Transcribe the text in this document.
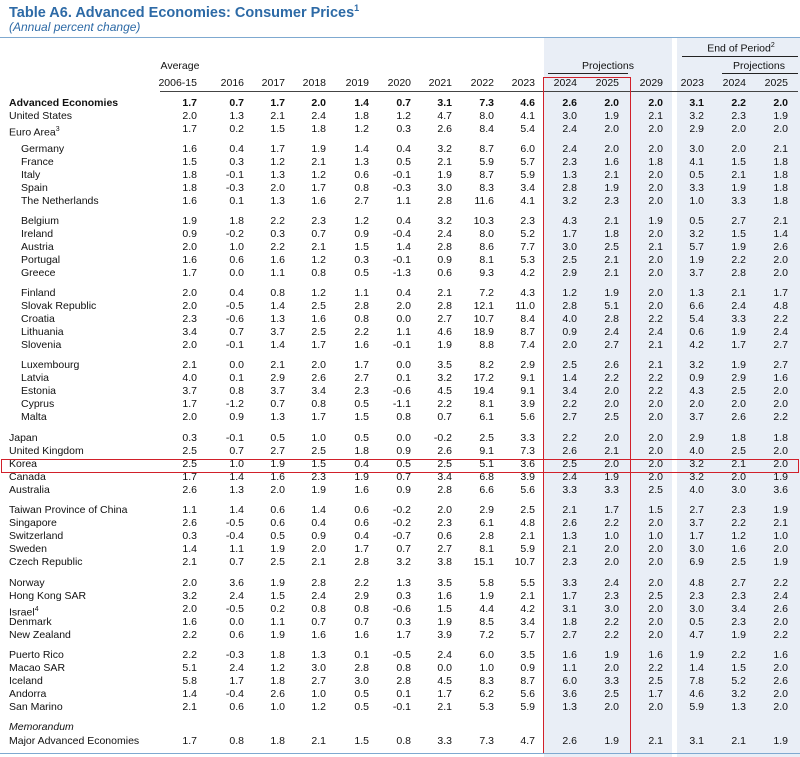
Table A6. Advanced Economies: Consumer Prices$^1$
(Annual percent change)
End of Period$^2$
Average	Projections	Projections
2006-15	2016	2017	2018	2019	2020	2021	2022	2023	2024	2025	2029	2023	2024	2025
Advanced Economies	1.7	0.7	1.7	2.0	1.4	0.7	3.1	7.3	4.6	2.6	2.0	2.0	3.1	2.2	2.0
United States	2.0	1.3	2.1	2.4	1.8	1.2	4.7	8.0	4.1	3.0	1.9	2.1	3.2	2.3	1.9
Euro Area$^3$	1.7	0.2	1.5	1.8	1.2	0.3	2.6	8.4	5.4	2.4	2.0	2.0	2.9	2.0	2.0
Germany	1.6	0.4	1.7	1.9	1.4	0.4	3.2	8.7	6.0	2.4	2.0	2.0	3.0	2.0	2.1
France	1.5	0.3	1.2	2.1	1.3	0.5	2.1	5.9	5.7	2.3	1.6	1.8	4.1	1.5	1.8
Italy	1.8	-0.1	1.3	1.2	0.6	-0.1	1.9	8.7	5.9	1.3	2.1	2.0	0.5	2.1	1.8
Spain	1.8	-0.3	2.0	1.7	0.8	-0.3	3.0	8.3	3.4	2.8	1.9	2.0	3.3	1.9	1.8
The Netherlands	1.6	0.1	1.3	1.6	2.7	1.1	2.8	11.6	4.1	3.2	2.3	2.0	1.0	3.3	1.8
Belgium	1.9	1.8	2.2	2.3	1.2	0.4	3.2	10.3	2.3	4.3	2.1	1.9	0.5	2.7	2.1
Ireland	0.9	-0.2	0.3	0.7	0.9	-0.4	2.4	8.0	5.2	1.7	1.8	2.0	3.2	1.5	1.4
Austria	2.0	1.0	2.2	2.1	1.5	1.4	2.8	8.6	7.7	3.0	2.5	2.1	5.7	1.9	2.6
Portugal	1.6	0.6	1.6	1.2	0.3	-0.1	0.9	8.1	5.3	2.5	2.1	2.0	1.9	2.2	2.0
Greece	1.7	0.0	1.1	0.8	0.5	-1.3	0.6	9.3	4.2	2.9	2.1	2.0	3.7	2.8	2.0
Finland	2.0	0.4	0.8	1.2	1.1	0.4	2.1	7.2	4.3	1.2	1.9	2.0	1.3	2.1	1.7
Slovak Republic	2.0	-0.5	1.4	2.5	2.8	2.0	2.8	12.1	11.0	2.8	5.1	2.0	6.6	2.4	4.8
Croatia	2.3	-0.6	1.3	1.6	0.8	0.0	2.7	10.7	8.4	4.0	2.8	2.2	5.4	3.3	2.2
Lithuania	3.4	0.7	3.7	2.5	2.2	1.1	4.6	18.9	8.7	0.9	2.4	2.4	0.6	1.9	2.4
Slovenia	2.0	-0.1	1.4	1.7	1.6	-0.1	1.9	8.8	7.4	2.0	2.7	2.1	4.2	1.7	2.7
Luxembourg	2.1	0.0	2.1	2.0	1.7	0.0	3.5	8.2	2.9	2.5	2.6	2.1	3.2	1.9	2.7
Latvia	4.0	0.1	2.9	2.6	2.7	0.1	3.2	17.2	9.1	1.4	2.2	2.2	0.9	2.9	1.6
Estonia	3.7	0.8	3.7	3.4	2.3	-0.6	4.5	19.4	9.1	3.4	2.0	2.2	4.3	2.5	2.0
Cyprus	1.7	-1.2	0.7	0.8	0.5	-1.1	2.2	8.1	3.9	2.2	2.0	2.0	2.0	2.0	2.0
Malta	2.0	0.9	1.3	1.7	1.5	0.8	0.7	6.1	5.6	2.7	2.5	2.0	3.7	2.6	2.2
Japan	0.3	-0.1	0.5	1.0	0.5	0.0	-0.2	2.5	3.3	2.2	2.0	2.0	2.9	1.8	1.8
United Kingdom	2.5	0.7	2.7	2.5	1.8	0.9	2.6	9.1	7.3	2.6	2.1	2.0	4.0	2.5	2.0
Korea	2.5	1.0	1.9	1.5	0.4	0.5	2.5	5.1	3.6	2.5	2.0	2.0	3.2	2.1	2.0
Canada	1.7	1.4	1.6	2.3	1.9	0.7	3.4	6.8	3.9	2.4	1.9	2.0	3.2	2.0	1.9
Australia	2.6	1.3	2.0	1.9	1.6	0.9	2.8	6.6	5.6	3.3	3.3	2.5	4.0	3.0	3.6
Taiwan Province of China	1.1	1.4	0.6	1.4	0.6	-0.2	2.0	2.9	2.5	2.1	1.7	1.5	2.7	2.3	1.9
Singapore	2.6	-0.5	0.6	0.4	0.6	-0.2	2.3	6.1	4.8	2.6	2.2	2.0	3.7	2.2	2.1
Switzerland	0.3	-0.4	0.5	0.9	0.4	-0.7	0.6	2.8	2.1	1.3	1.0	1.0	1.7	1.2	1.0
Sweden	1.4	1.1	1.9	2.0	1.7	0.7	2.7	8.1	5.9	2.1	2.0	2.0	3.0	1.6	2.0
Czech Republic	2.1	0.7	2.5	2.1	2.8	3.2	3.8	15.1	10.7	2.3	2.0	2.0	6.9	2.5	1.9
Norway	2.0	3.6	1.9	2.8	2.2	1.3	3.5	5.8	5.5	3.3	2.4	2.0	4.8	2.7	2.2
Hong Kong SAR	3.2	2.4	1.5	2.4	2.9	0.3	1.6	1.9	2.1	1.7	2.3	2.5	2.3	2.3	2.4
Israel$^4$	2.0	-0.5	0.2	0.8	0.8	-0.6	1.5	4.4	4.2	3.1	3.0	2.0	3.0	3.4	2.6
Denmark	1.6	0.0	1.1	0.7	0.7	0.3	1.9	8.5	3.4	1.8	2.2	2.0	0.5	2.3	2.0
New Zealand	2.2	0.6	1.9	1.6	1.6	1.7	3.9	7.2	5.7	2.7	2.2	2.0	4.7	1.9	2.2
Puerto Rico	2.2	-0.3	1.8	1.3	0.1	-0.5	2.4	6.0	3.5	1.6	1.9	1.6	1.9	2.2	1.6
Macao SAR	5.1	2.4	1.2	3.0	2.8	0.8	0.0	1.0	0.9	1.1	2.0	2.2	1.4	1.5	2.0
Iceland	5.8	1.7	1.8	2.7	3.0	2.8	4.5	8.3	8.7	6.0	3.3	2.5	7.8	5.2	2.6
Andorra	1.4	-0.4	2.6	1.0	0.5	0.1	1.7	6.2	5.6	3.6	2.5	1.7	4.6	3.2	2.0
San Marino	2.1	0.6	1.0	1.2	0.5	-0.1	2.1	5.3	5.9	1.3	2.0	2.0	5.9	1.3	2.0
Memorandum
Major Advanced Economies	1.7	0.8	1.8	2.1	1.5	0.8	3.3	7.3	4.7	2.6	1.9	2.1	3.1	2.1	1.9
